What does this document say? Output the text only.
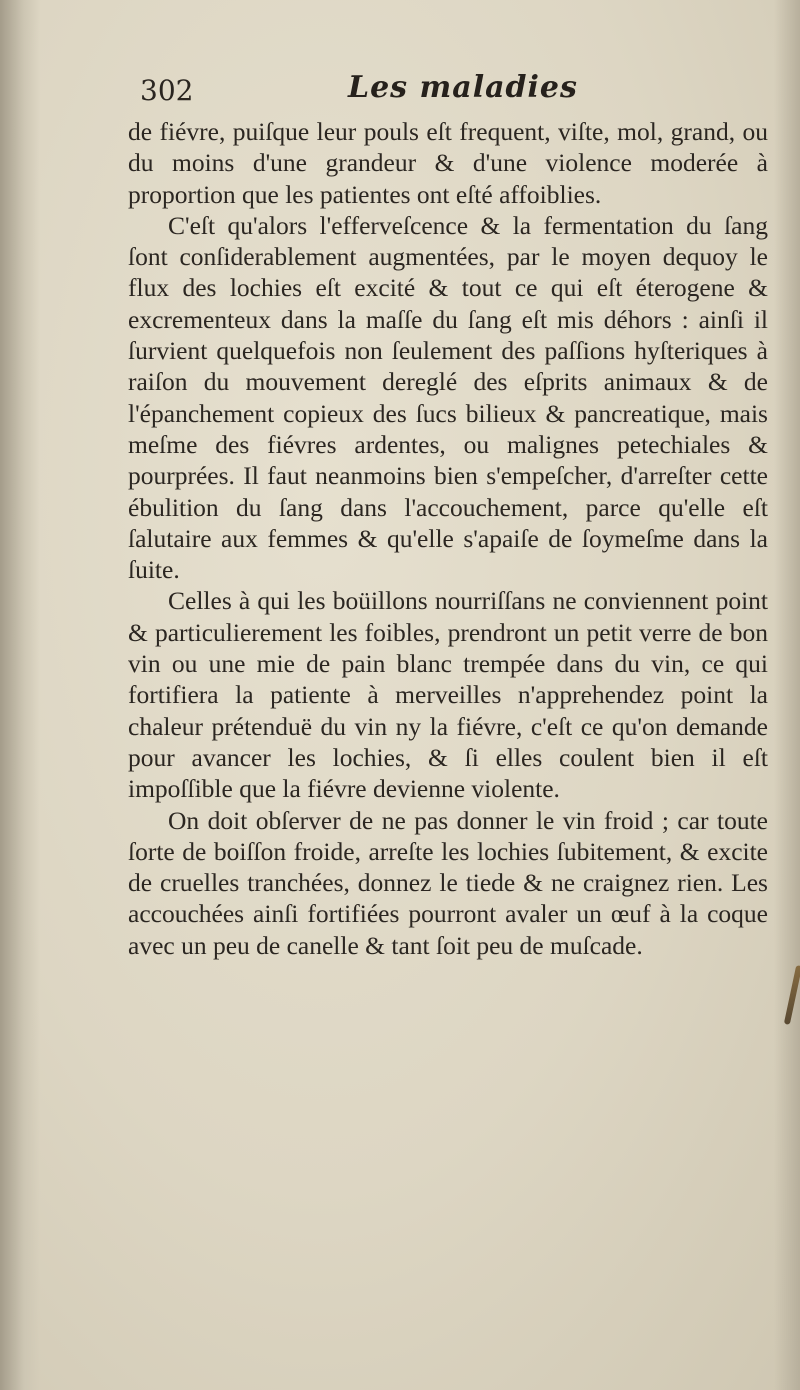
302	Les maladies

de fiévre, puiſque leur pouls eſt frequent, viſte, mol, grand, ou du moins d'une grandeur & d'une violence moderée à proportion que les patientes ont eſté affoiblies.

C'eſt qu'alors l'efferveſcence & la fermentation du ſang ſont conſiderablement augmentées, par le moyen dequoy le flux des lochies eſt excité & tout ce qui eſt éterogene & excrementeux dans la maſſe du ſang eſt mis déhors : ainſi il ſurvient quelquefois non ſeulement des paſſions hyſteriques à raiſon du mouvement dereglé des eſprits animaux & de l'épanchement copieux des ſucs bilieux & pancreatique, mais meſme des fiévres ardentes, ou malignes petechiales & pourprées. Il faut neanmoins bien s'empeſcher, d'arreſter cette ébulition du ſang dans l'accouchement, parce qu'elle eſt ſalutaire aux femmes & qu'elle s'apaiſe de ſoymeſme dans la ſuite.

Celles à qui les boüillons nourriſſans ne conviennent point & particulierement les foibles, prendront un petit verre de bon vin ou une mie de pain blanc trempée dans du vin, ce qui fortifiera la patiente à merveilles n'apprehendez point la chaleur prétenduë du vin ny la fiévre, c'eſt ce qu'on demande pour avancer les lochies, & ſi elles coulent bien il eſt impoſſible que la fiévre devienne violente.

On doit obſerver de ne pas donner le vin froid ; car toute ſorte de boiſſon froide, arreſte les lochies ſubitement, & excite de cruelles tranchées, donnez le tiede & ne craignez rien. Les accouchées ainſi fortifiées pourront avaler un œuf à la coque avec un peu de canelle & tant ſoit peu de muſcade.
